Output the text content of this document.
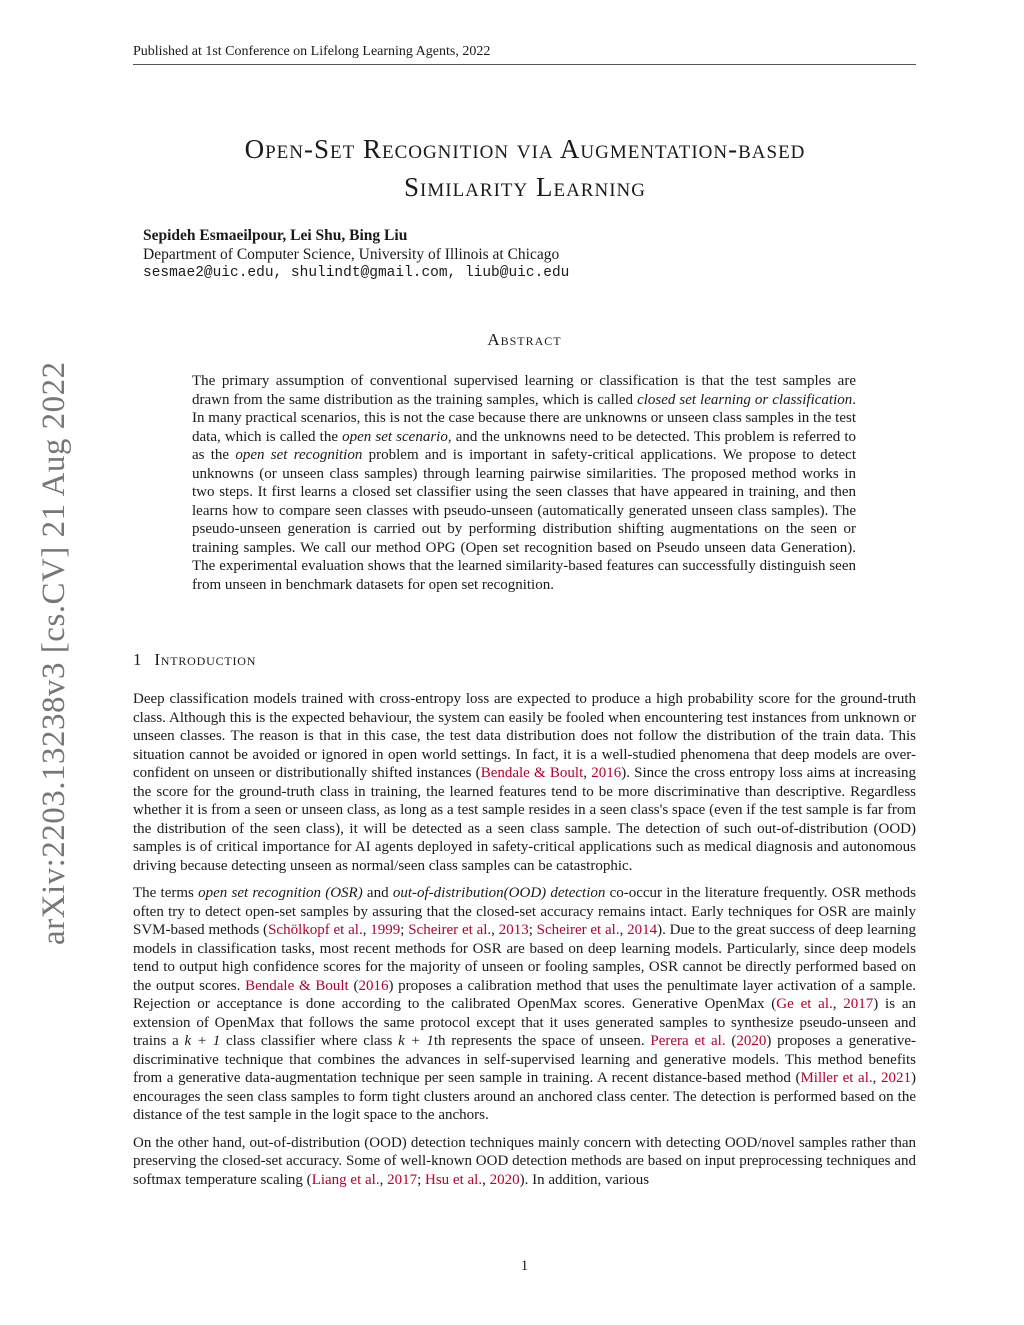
Published at 1st Conference on Lifelong Learning Agents, 2022
arXiv:2203.13238v3 [cs.CV] 21 Aug 2022
Open-Set Recognition via Augmentation-based
Similarity Learning
Sepideh Esmaeilpour, Lei Shu, Bing Liu
Department of Computer Science, University of Illinois at Chicago
sesmae2@uic.edu, shulindt@gmail.com, liub@uic.edu
Abstract
The primary assumption of conventional supervised learning or classification is that the test samples are drawn from the same distribution as the training samples, which is called closed set learning or classification. In many practical scenarios, this is not the case because there are unknowns or unseen class samples in the test data, which is called the open set scenario, and the unknowns need to be detected. This problem is referred to as the open set recognition problem and is important in safety-critical applications. We propose to detect unknowns (or unseen class samples) through learning pairwise similarities. The proposed method works in two steps. It first learns a closed set classifier using the seen classes that have appeared in training, and then learns how to compare seen classes with pseudo-unseen (automatically generated unseen class samples). The pseudo-unseen generation is carried out by performing distribution shifting augmentations on the seen or training samples. We call our method OPG (Open set recognition based on Pseudo unseen data Generation). The experimental evaluation shows that the learned similarity-based features can successfully distinguish seen from unseen in benchmark datasets for open set recognition.
1 Introduction

Deep classification models trained with cross-entropy loss are expected to produce a high probability score for the ground-truth class. Although this is the expected behaviour, the system can easily be fooled when encountering test instances from unknown or unseen classes. The reason is that in this case, the test data distribution does not follow the distribution of the train data. This situation cannot be avoided or ignored in open world settings. In fact, it is a well-studied phenomena that deep models are over-confident on unseen or distributionally shifted instances (Bendale & Boult, 2016). Since the cross entropy loss aims at increasing the score for the ground-truth class in training, the learned features tend to be more discriminative than descriptive. Regardless whether it is from a seen or unseen class, as long as a test sample resides in a seen class's space (even if the test sample is far from the distribution of the seen class), it will be detected as a seen class sample. The detection of such out-of-distribution (OOD) samples is of critical importance for AI agents deployed in safety-critical applications such as medical diagnosis and autonomous driving because detecting unseen as normal/seen class samples can be catastrophic.

The terms open set recognition (OSR) and out-of-distribution(OOD) detection co-occur in the literature frequently. OSR methods often try to detect open-set samples by assuring that the closed-set accuracy remains intact. Early techniques for OSR are mainly SVM-based methods (Schölkopf et al., 1999; Scheirer et al., 2013; Scheirer et al., 2014). Due to the great success of deep learning models in classification tasks, most recent methods for OSR are based on deep learning models. Particularly, since deep models tend to output high confidence scores for the majority of unseen or fooling samples, OSR cannot be directly performed based on the output scores. Bendale & Boult (2016) proposes a calibration method that uses the penultimate layer activation of a sample. Rejection or acceptance is done according to the calibrated OpenMax scores. Generative OpenMax (Ge et al., 2017) is an extension of OpenMax that follows the same protocol except that it uses generated samples to synthesize pseudo-unseen and trains a k + 1 class classifier where class k + 1th represents the space of unseen. Perera et al. (2020) proposes a generative-discriminative technique that combines the advances in self-supervised learning and generative models. This method benefits from a generative data-augmentation technique per seen sample in training. A recent distance-based method (Miller et al., 2021) encourages the seen class samples to form tight clusters around an anchored class center. The detection is performed based on the distance of the test sample in the logit space to the anchors.

On the other hand, out-of-distribution (OOD) detection techniques mainly concern with detecting OOD/novel samples rather than preserving the closed-set accuracy. Some of well-known OOD detection methods are based on input preprocessing techniques and softmax temperature scaling (Liang et al., 2017; Hsu et al., 2020). In addition, various

1
